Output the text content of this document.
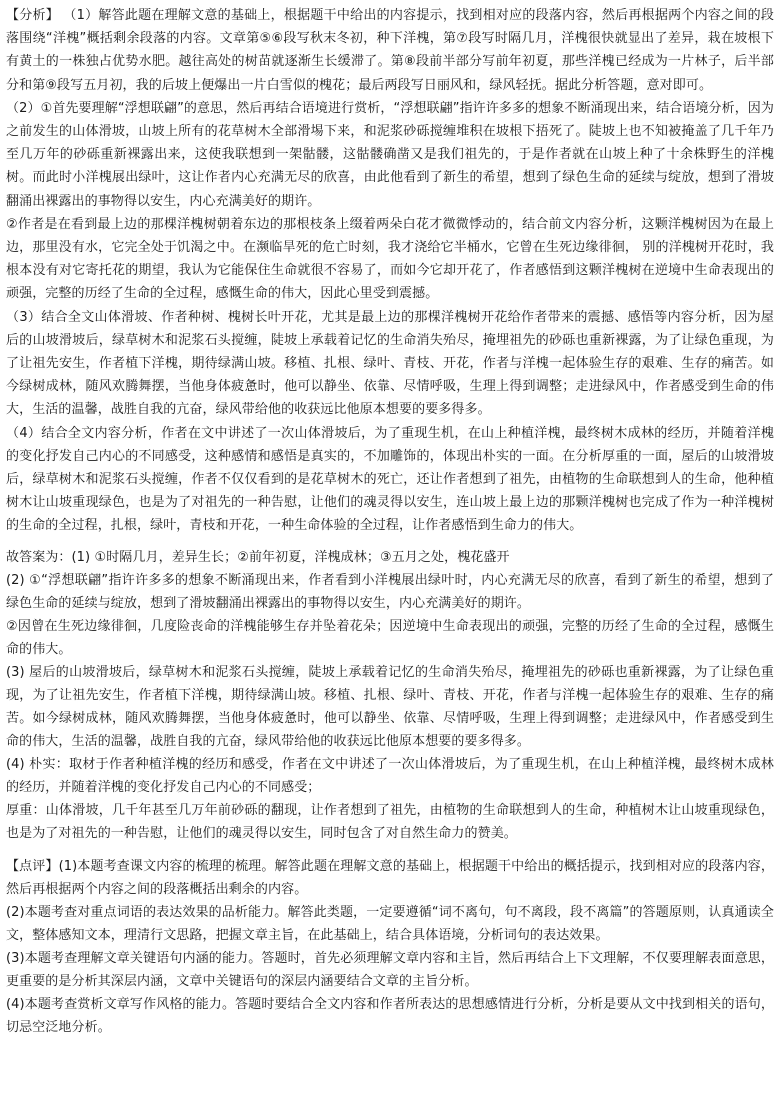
【分析】 （1）解答此题在理解文意的基础上，根据题干中给出的内容提示，找到相对应的段落内容，然后再根据两个内容之间的段落围绕“洋槐”概括剩余段落的内容。文章第⑤⑥段写秋末冬初，种下洋槐，第⑦段写时隔几月，洋槐很快就显出了差异，栽在坡根下有黄土的一株独占优势水肥。越往高处的树苗就逐渐生长缓滞了。第⑧段前半部分写前年初夏，那些洋槐已经成为一片林子，后半部分和第⑨段写五月初，我的后坡上便爆出一片白雪似的槐花；最后两段写日丽风和，绿风轻抚。据此分析答题，意对即可。

（2）①首先要理解“浮想联翩”的意思，然后再结合语境进行赏析，“浮想联翩”指许许多多的想象不断涌现出来，结合语境分析，因为之前发生的山体滑坡，山坡上所有的花草树木全部滑埸下来，和泥浆砂砾搅缠堆积在坡根下捂死了。陡坡上也不知被掩盖了几千年乃至几万年的砂砾重新裸露出来，这使我联想到一架骷髅，这骷髅确凿又是我们祖先的，于是作者就在山坡上种了十余株野生的洋槐树。而此时小洋槐展出绿叶，这让作者内心充满无尽的欣喜，由此他看到了新生的希望，想到了绿色生命的延续与绽放，想到了滑坡翻涌出裸露出的事物得以安生，内心充满美好的期许。

②作者是在看到最上边的那棵洋槐树朝着东边的那根枝条上缀着两朵白花才微微悸动的，结合前文内容分析，这颗洋槐树因为在最上边，那里没有水，它完全处于饥渴之中。在濒临旱死的危亡时刻，我才浇给它半桶水，它曾在生死边缘徘徊， 别的洋槐树开花时，我根本没有对它寄托花的期望，我认为它能保住生命就很不容易了，而如今它却开花了，作者感悟到这颗洋槐树在逆境中生命表现出的顽强，完整的历经了生命的全过程，感慨生命的伟大，因此心里受到震撼。

（3）结合全文山体滑坡、作者种树、槐树长叶开花，尤其是最上边的那棵洋槐树开花给作者带来的震撼、感悟等内容分析，因为屋后的山坡滑坡后，绿草树木和泥浆石头搅缠，陡坡上承载着记忆的生命消失殆尽，掩埋祖先的砂砾也重新裸露，为了让绿色重现，为了让祖先安生，作者植下洋槐，期待绿满山坡。移植、扎根、绿叶、青枝、开花，作者与洋槐一起体验生存的艰难、生存的痛苦。如今绿树成林，随风欢腾舞摆，当他身体疲惫时，他可以静坐、依靠、尽情呼吸，生理上得到调整；走进绿风中，作者感受到生命的伟大，生活的温馨，战胜自我的亢奋，绿风带给他的收获远比他原本想要的要多得多。

（4）结合全文内容分析，作者在文中讲述了一次山体滑坡后，为了重现生机，在山上种植洋槐，最终树木成林的经历，并随着洋槐的变化抒发自己内心的不同感受，这种感情和感悟是真实的，不加雕饰的，体现出朴实的一面。在分析厚重的一面，屋后的山坡滑坡后，绿草树木和泥浆石头搅缠，作者不仅仅看到的是花草树木的死亡，还让作者想到了祖先，由植物的生命联想到人的生命，他种植树木让山坡重现绿色，也是为了对祖先的一种告慰，让他们的魂灵得以安生，连山坡上最上边的那颗洋槐树也完成了作为一种洋槐树的生命的全过程，扎根，绿叶，青枝和开花，一种生命体验的全过程，让作者感悟到生命力的伟大。

故答案为：(1) ①时隔几月，差异生长；②前年初夏，洋槐成林；③五月之处，槐花盛开

(2) ①“浮想联翩”指许许多多的想象不断涌现出来，作者看到小洋槐展出绿叶时，内心充满无尽的欣喜，看到了新生的希望，想到了绿色生命的延续与绽放，想到了滑坡翻涌出裸露出的事物得以安生，内心充满美好的期许。

②因曾在生死边缘徘徊，几度险丧命的洋槐能够生存并坠着花朵；因逆境中生命表现出的顽强，完整的历经了生命的全过程，感慨生命的伟大。

(3) 屋后的山坡滑坡后，绿草树木和泥浆石头搅缠，陡坡上承载着记忆的生命消失殆尽，掩埋祖先的砂砾也重新裸露，为了让绿色重现，为了让祖先安生，作者植下洋槐，期待绿满山坡。移植、扎根、绿叶、青枝、开花，作者与洋槐一起体验生存的艰难、生存的痛苦。如今绿树成林，随风欢腾舞摆，当他身体疲惫时，他可以静坐、依靠、尽情呼吸，生理上得到调整；走进绿风中，作者感受到生命的伟大，生活的温馨，战胜自我的亢奋，绿风带给他的收获远比他原本想要的要多得多。

(4) 朴实：取材于作者种植洋槐的经历和感受，作者在文中讲述了一次山体滑坡后，为了重现生机，在山上种植洋槐，最终树木成林的经历，并随着洋槐的变化抒发自己内心的不同感受；

厚重：山体滑坡，几千年甚至几万年前砂砾的翻现，让作者想到了祖先，由植物的生命联想到人的生命，种植树木让山坡重现绿色，也是为了对祖先的一种告慰，让他们的魂灵得以安生，同时包含了对自然生命力的赞美。

【点评】(1)本题考查课文内容的梳理的梳理。解答此题在理解文意的基础上，根据题干中给出的概括提示，找到相对应的段落内容，然后再根据两个内容之间的段落概括出剩余的内容。

(2)本题考查对重点词语的表达效果的品析能力。解答此类题，一定要遵循“词不离句，句不离段，段不离篇”的答题原则，认真通读全文，整体感知文本，理清行文思路，把握文章主旨，在此基础上，结合具体语境，分析词句的表达效果。

(3)本题考查理解文章关键语句内涵的能力。答题时，首先必须理解文章内容和主旨，然后再结合上下文理解，不仅要理解表面意思，更重要的是分析其深层内涵，文章中关键语句的深层内涵要结合文章的主旨分析。

(4)本题考查赏析文章写作风格的能力。答题时要结合全文内容和作者所表达的思想感情进行分析，分析是要从文中找到相关的语句，切忌空泛地分析。
